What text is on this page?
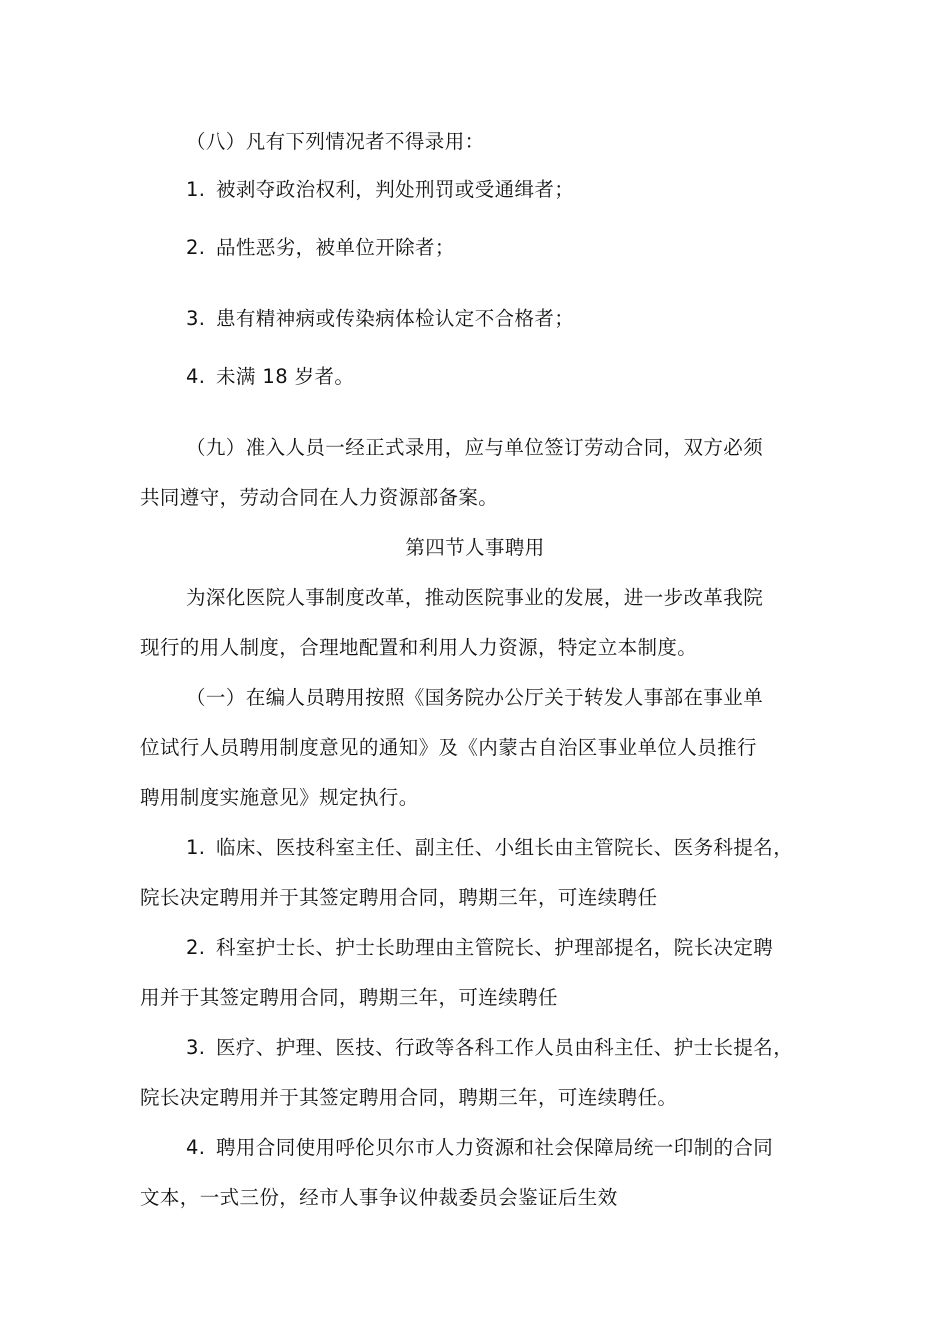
（八）凡有下列情况者不得录用：
1. 被剥夺政治权利，判处刑罚或受通缉者；
2. 品性恶劣，被单位开除者；
3. 患有精神病或传染病体检认定不合格者；
4. 未满 18 岁者。
（九）准入人员一经正式录用，应与单位签订劳动合同，双方必须
共同遵守，劳动合同在人力资源部备案。
第四节人事聘用
为深化医院人事制度改革，推动医院事业的发展，进一步改革我院
现行的用人制度，合理地配置和利用人力资源，特定立本制度。
（一）在编人员聘用按照《国务院办公厅关于转发人事部在事业单
位试行人员聘用制度意见的通知》及《内蒙古自治区事业单位人员推行
聘用制度实施意见》规定执行。
1. 临床、医技科室主任、副主任、小组长由主管院长、医务科提名，
院长决定聘用并于其签定聘用合同，聘期三年，可连续聘任
2. 科室护士长、护士长助理由主管院长、护理部提名，院长决定聘
用并于其签定聘用合同，聘期三年，可连续聘任
3. 医疗、护理、医技、行政等各科工作人员由科主任、护士长提名，
院长决定聘用并于其签定聘用合同，聘期三年，可连续聘任。
4. 聘用合同使用呼伦贝尔市人力资源和社会保障局统一印制的合同
文本，一式三份，经市人事争议仲裁委员会鉴证后生效
